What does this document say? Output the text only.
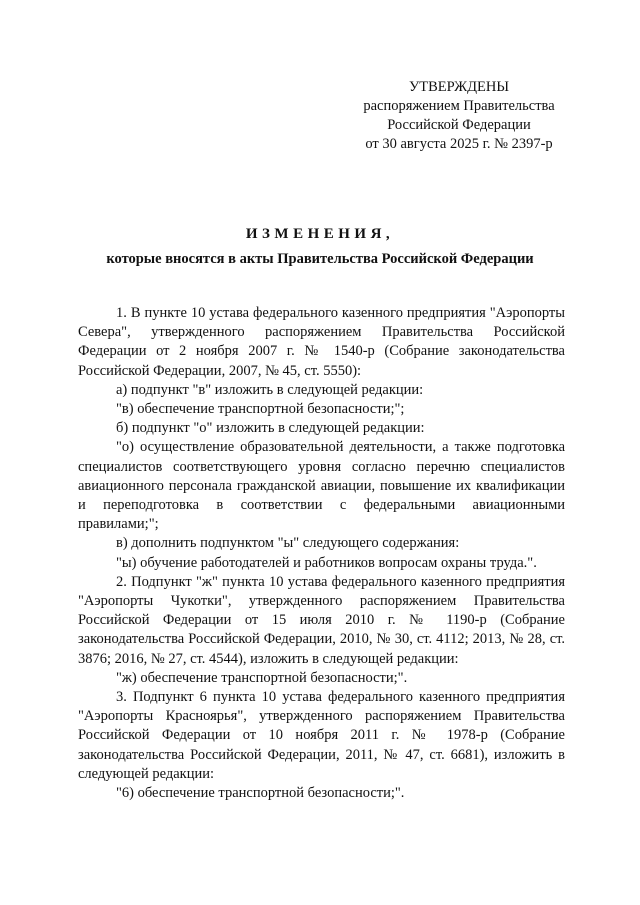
УТВЕРЖДЕНЫ
распоряжением Правительства
Российской Федерации
от 30 августа 2025 г. № 2397-р
ИЗМЕНЕНИЯ,
которые вносятся в акты Правительства Российской Федерации

1. В пункте 10 устава федерального казенного предприятия "Аэропорты Севера", утвержденного распоряжением Правительства Российской Федерации от 2 ноября 2007 г. № 1540-р (Собрание законодательства Российской Федерации, 2007, № 45, ст. 5550):

а) подпункт "в" изложить в следующей редакции:

"в) обеспечение транспортной безопасности;";

б) подпункт "о" изложить в следующей редакции:

"о) осуществление образовательной деятельности, а также подготовка специалистов соответствующего уровня согласно перечню специалистов авиационного персонала гражданской авиации, повышение их квалификации и переподготовка в соответствии с федеральными авиационными правилами;";

в) дополнить подпунктом "ы" следующего содержания:

"ы) обучение работодателей и работников вопросам охраны труда.".

2. Подпункт "ж" пункта 10 устава федерального казенного предприятия "Аэропорты Чукотки", утвержденного распоряжением Правительства Российской Федерации от 15 июля 2010 г. № 1190-р (Собрание законодательства Российской Федерации, 2010, № 30, ст. 4112; 2013, № 28, ст. 3876; 2016, № 27, ст. 4544), изложить в следующей редакции:

"ж) обеспечение транспортной безопасности;".

3. Подпункт 6 пункта 10 устава федерального казенного предприятия "Аэропорты Красноярья", утвержденного распоряжением Правительства Российской Федерации от 10 ноября 2011 г. № 1978-р (Собрание законодательства Российской Федерации, 2011, № 47, ст. 6681), изложить в следующей редакции:

"6) обеспечение транспортной безопасности;".
